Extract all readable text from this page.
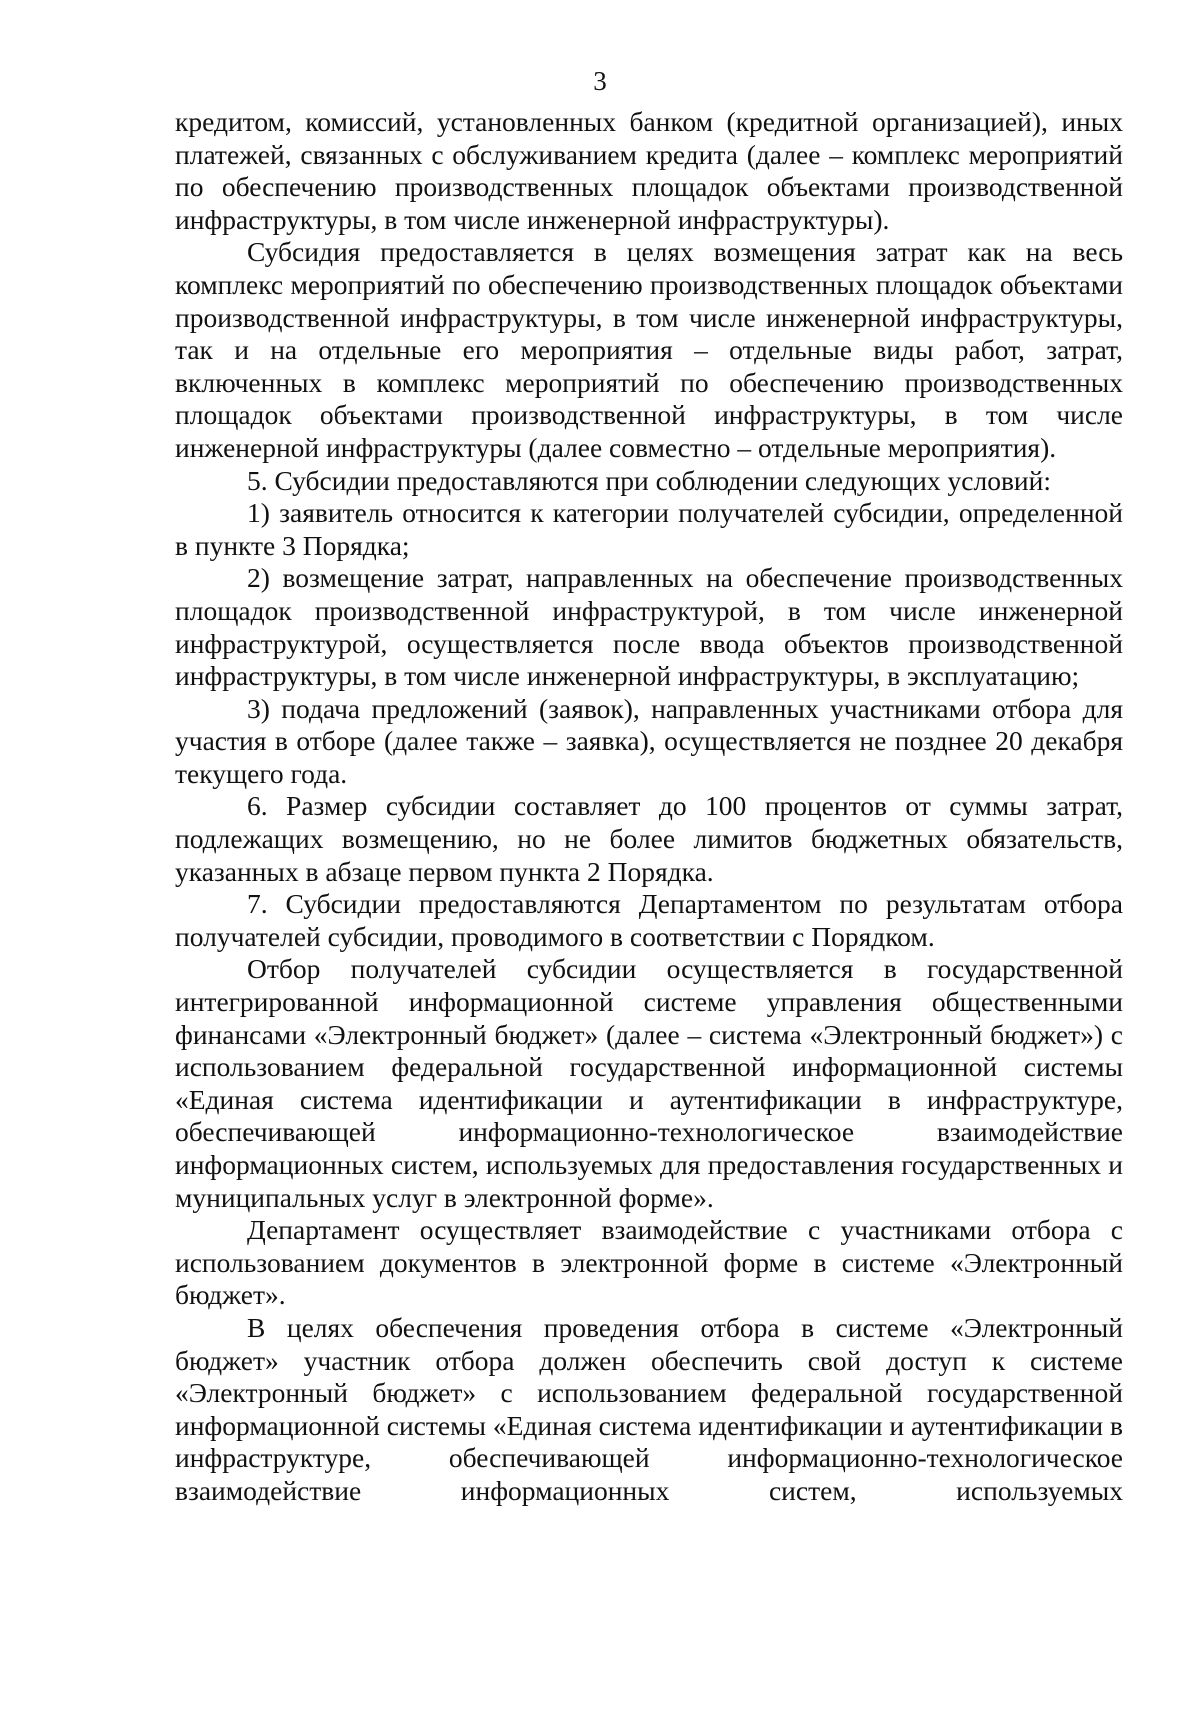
3

кредитом, комиссий, установленных банком (кредитной организацией), иных платежей, связанных с обслуживанием кредита (далее – комплекс мероприятий по обеспечению производственных площадок объектами производственной инфраструктуры, в том числе инженерной инфраструктуры).

Субсидия предоставляется в целях возмещения затрат как на весь комплекс мероприятий по обеспечению производственных площадок объектами производственной инфраструктуры, в том числе инженерной инфраструктуры, так и на отдельные его мероприятия – отдельные виды работ, затрат, включенных в комплекс мероприятий по обеспечению производственных площадок объектами производственной инфраструктуры, в том числе инженерной инфраструктуры (далее совместно – отдельные мероприятия).

5. Субсидии предоставляются при соблюдении следующих условий:

1) заявитель относится к категории получателей субсидии, определенной в пункте 3 Порядка;

2) возмещение затрат, направленных на обеспечение производственных площадок производственной инфраструктурой, в том числе инженерной инфраструктурой, осуществляется после ввода объектов производственной инфраструктуры, в том числе инженерной инфраструктуры, в эксплуатацию;

3) подача предложений (заявок), направленных участниками отбора для участия в отборе (далее также – заявка), осуществляется не позднее 20 декабря текущего года.

6. Размер субсидии составляет до 100 процентов от суммы затрат, подлежащих возмещению, но не более лимитов бюджетных обязательств, указанных в абзаце первом пункта 2 Порядка.

7. Субсидии предоставляются Департаментом по результатам отбора получателей субсидии, проводимого в соответствии с Порядком.

Отбор получателей субсидии осуществляется в государственной интегрированной информационной системе управления общественными финансами «Электронный бюджет» (далее – система «Электронный бюджет») с использованием федеральной государственной информационной системы «Единая система идентификации и аутентификации в инфраструктуре, обеспечивающей информационно-технологическое взаимодействие информационных систем, используемых для предоставления государственных и муниципальных услуг в электронной форме».

Департамент осуществляет взаимодействие с участниками отбора с использованием документов в электронной форме в системе «Электронный бюджет».

В целях обеспечения проведения отбора в системе «Электронный бюджет» участник отбора должен обеспечить свой доступ к системе «Электронный бюджет» с использованием федеральной государственной информационной системы «Единая система идентификации и аутентификации в инфраструктуре, обеспечивающей информационно-технологическое взаимодействие информационных систем, используемых
